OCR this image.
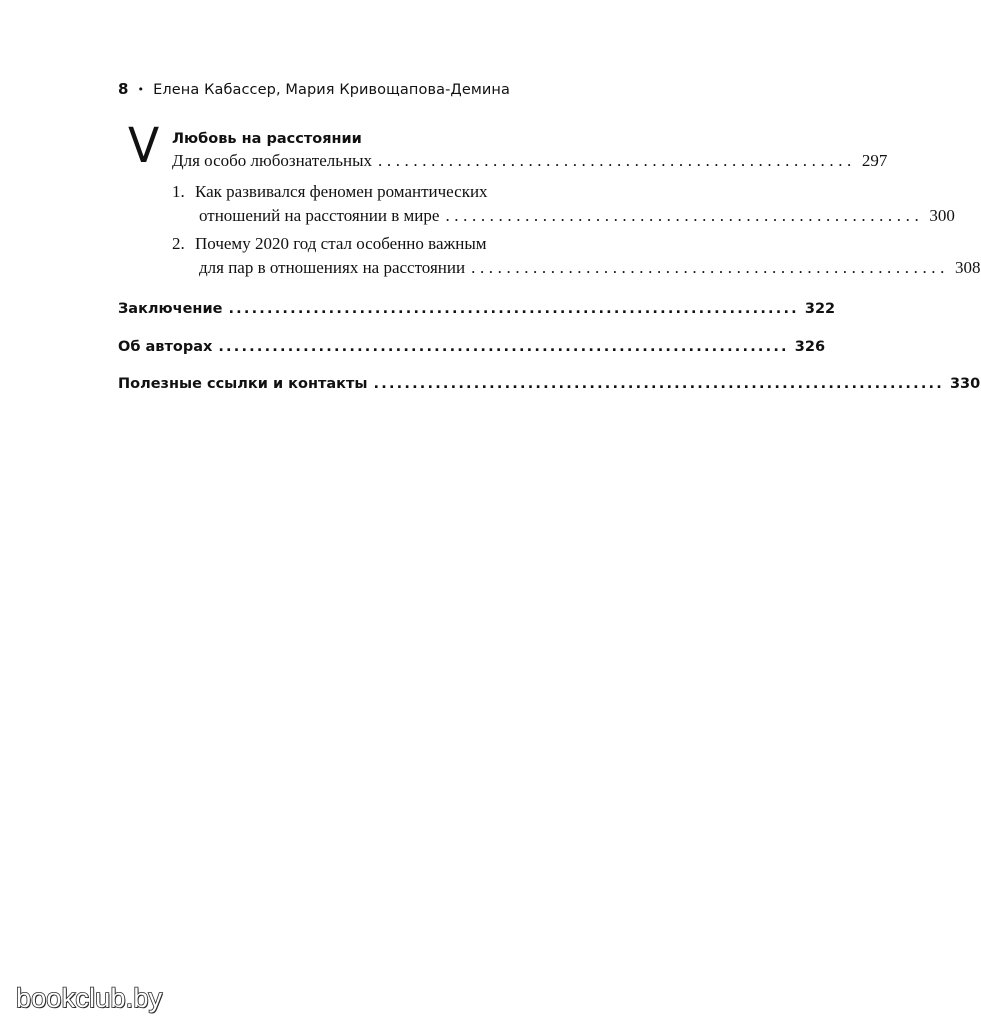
8 • Елена Кабассер, Мария Кривощапова-Демина
V Любовь на расстоянии
Для особо любознательных ...................................................... 297
1. Как развивался феномен романтических
отношений на расстоянии в мире ...................................................... 300
2. Почему 2020 год стал особенно важным
для пар в отношениях на расстоянии ...................................................... 308
Заключение .......................................................................... 322
Об авторах .......................................................................... 326
Полезные ссылки и контакты .......................................................................... 330
bookclub.by
